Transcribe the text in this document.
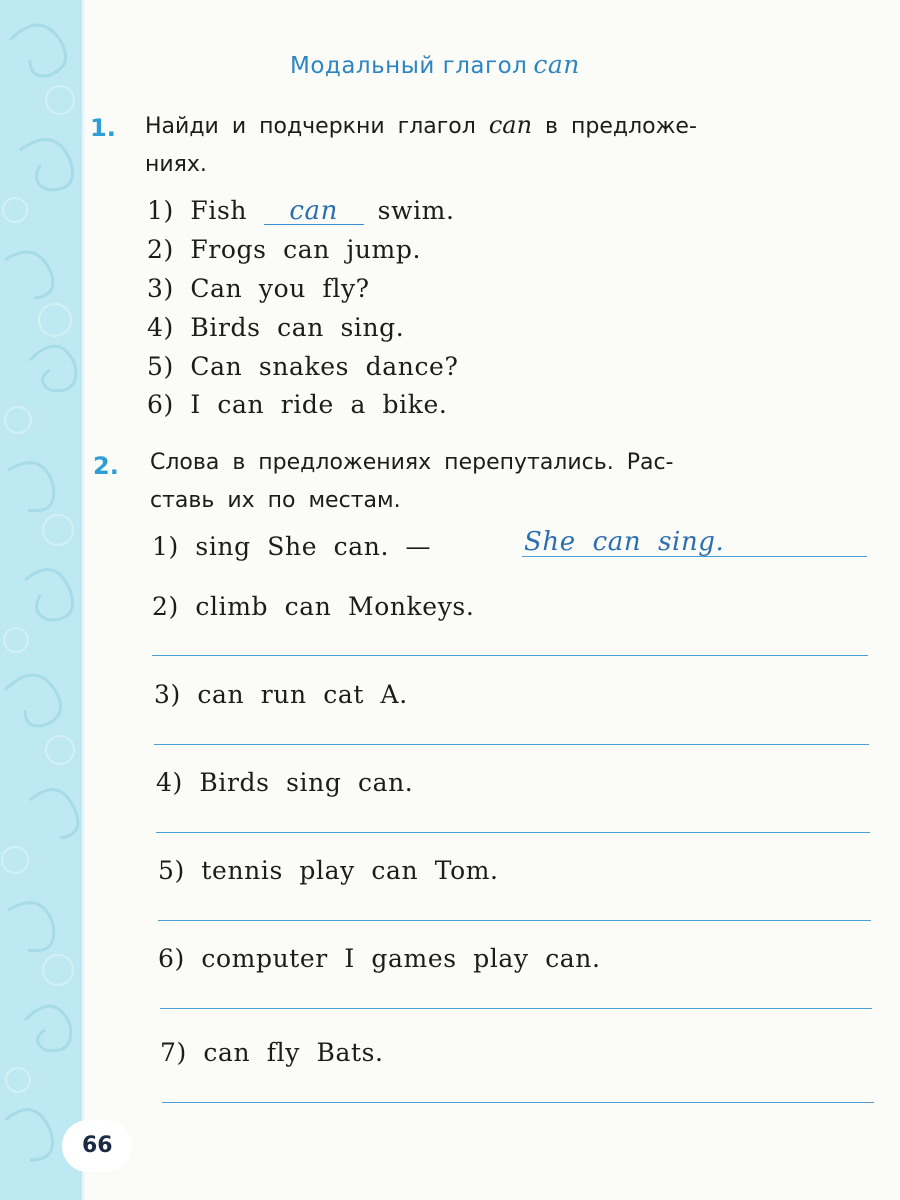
66
Модальный глагол can
1. Найди и подчеркни глагол can в предложе-
ниях.
1) Fish can swim.
2) Frogs can jump.
3) Can you fly?
4) Birds can sing.
5) Can snakes dance?
6) I can ride a bike.
2. Слова в предложениях перепутались. Рас-
ставь их по местам.
1) sing She can. —	She can sing.
2) climb can Monkeys.
3) can run cat A.
4) Birds sing can.
5) tennis play can Tom.
6) computer I games play can.
7) can fly Bats.
